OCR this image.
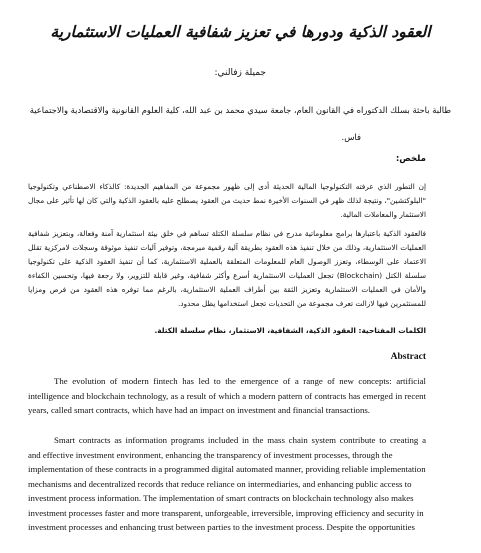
العقود الذكية ودورها في تعزيز شفافية العمليات الاستثمارية
جميلة زفالني:
طالبة باحثة بسلك الدكتوراه في القانون العام، جامعة سيدي محمد بن عبد الله، كلية العلوم القانونية والاقتصادية والاجتماعية
فاس.
ملخص:
إن التطور الذي عرفته التكنولوجيا المالية الحديثة أدى إلى ظهور مجموعة من المفاهيم الجديدة: كالذكاء الاصطناعي وتكنولوجيا "البلوكتشين"، ونتيجة لذلك ظهر في السنوات الأخيرة نمط حديث من العقود يصطلح عليه بالعقود الذكية والتي كان لها تأثير على مجال الاستثمار والمعاملات المالية.
فالعقود الذكية باعتبارها برامج معلوماتية مدرج في نظام سلسلة الكتلة تساهم في خلق بيئة استثمارية آمنة وفعالة، وبتعزيز شفافية العمليات الاستثمارية، وذلك من خلال تنفيذ هذه العقود بطريقة آلية رقمية مبرمجة، وتوفير آليات تنفيذ موثوقة وسجلات لامركزية تقلل الاعتماد على الوسطاء، وتعزز الوصول العام للمعلومات المتعلقة بالعملية الاستثمارية، كما أن تنفيذ العقود الذكية على تكنولوجيا سلسلة الكتل (Blockchain) تجعل العمليات الاستثمارية أسرع وأكثر شفافية، وغير قابلة للتزوير، ولا رجعة فيها، وتحسين الكفاءة والأمان في العمليات الاستثمارية وتعزيز الثقة بين أطراف العملية الاستثمارية، بالرغم مما توفره هذه العقود من فرص ومزايا للمستثمرين فيها لازالت تعرف مجموعة من التحديات تجعل استخدامها يظل محدود.
الكلمات المفتاحية: العقود الذكية، الشفافية، الاستثمار، نظام سلسلة الكتلة.
Abstract
The evolution of modern fintech has led to the emergence of a range of new concepts: artificial intelligence and blockchain technology, as a result of which a modern pattern of contracts has emerged in recent years, called smart contracts, which have had an impact on investment and financial transactions.
Smart contracts as information programs included in the mass chain system contribute to creating a
and effective investment environment, enhancing the transparency of investment processes, through the
implementation of these contracts in a programmed digital automated manner, providing reliable implementation
mechanisms and decentralized records that reduce reliance on intermediaries, and enhancing public access to
investment process information. The implementation of smart contracts on blockchain technology also makes
investment processes faster and more transparent, unforgeable, irreversible, improving efficiency and security in
investment processes and enhancing trust between parties to the investment process. Despite the opportunities
